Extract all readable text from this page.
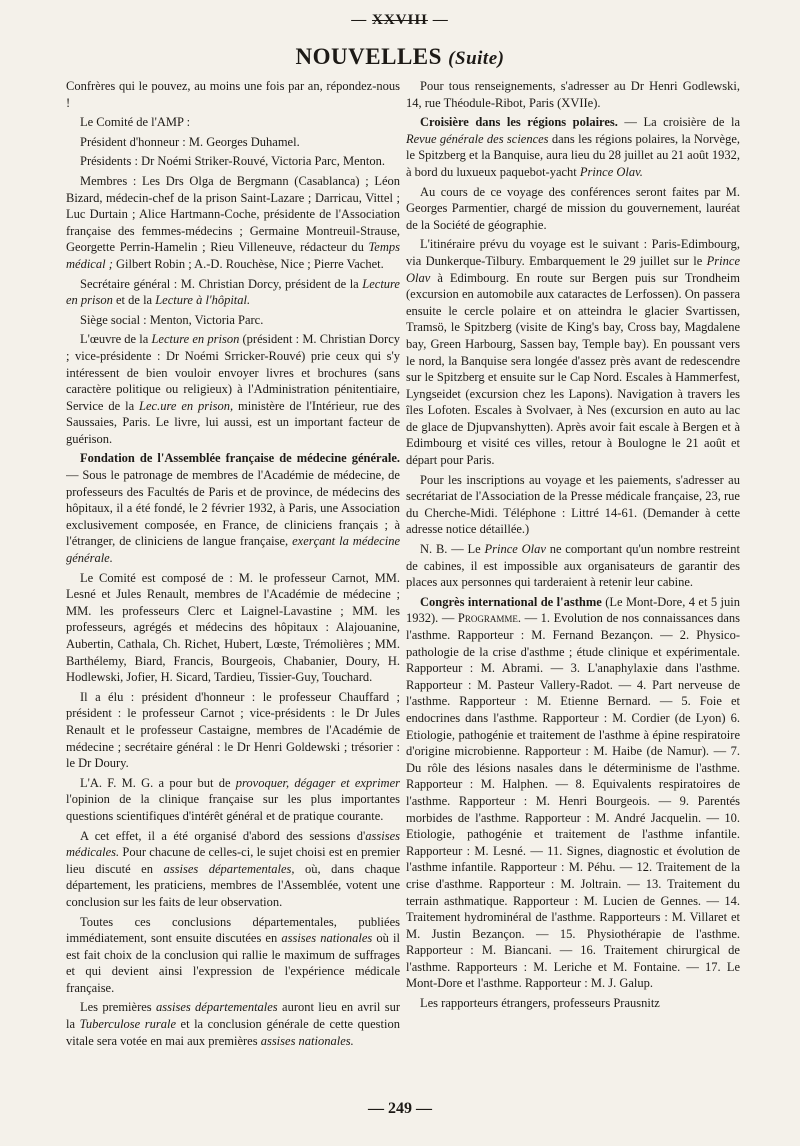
— XXVIII —
NOUVELLES (Suite)

Confrères qui le pouvez, au moins une fois par an, répondez-nous !

Le Comité de l'AMP :

Président d'honneur : M. Georges Duhamel.

Présidents : Dr Noémi Striker-Rouvé, Victoria Parc, Menton.

Membres : Les Drs Olga de Bergmann (Casablanca) ; Léon Bizard, médecin-chef de la prison Saint-Lazare ; Darricau, Vittel ; Luc Durtain ; Alice Hartmann-Coche, présidente de l'Association française des femmes-médecins ; Germaine Montreuil-Strause, Georgette Perrin-Hamelin ; Rieu Villeneuve, rédacteur du Temps médical ; Gilbert Robin ; A.-D. Rouchèse, Nice ; Pierre Vachet.

Secrétaire général : M. Christian Dorcy, président de la Lecture en prison et de la Lecture à l'hôpital.

Siège social : Menton, Victoria Parc.

L'œuvre de la Lecture en prison (président : M. Christian Dorcy ; vice-présidente : Dr Noémi Srricker-Rouvé) prie ceux qui s'y intéressent de bien vouloir envoyer livres et brochures (sans caractère politique ou religieux) à l'Administration pénitentiaire, Service de la Lec.ure en prison, ministère de l'Intérieur, rue des Saussaies, Paris. Le livre, lui aussi, est un important facteur de guérison.

Fondation de l'Assemblée française de médecine générale. — Sous le patronage de membres de l'Académie de médecine, de professeurs des Facultés de Paris et de province, de médecins des hôpitaux, il a été fondé, le 2 février 1932, à Paris, une Association exclusivement composée, en France, de cliniciens français ; à l'étranger, de cliniciens de langue française, exerçant la médecine générale.

Le Comité est composé de : M. le professeur Carnot, MM. Lesné et Jules Renault, membres de l'Académie de médecine ; MM. les professeurs Clerc et Laignel-Lavastine ; MM. les professeurs, agrégés et médecins des hôpitaux : Alajouanine, Aubertin, Cathala, Ch. Richet, Hubert, Lœste, Trémolières ; MM. Barthélemy, Biard, Francis, Bourgeois, Chabanier, Doury, H. Hodlewski, Jofier, H. Sicard, Tardieu, Tissier-Guy, Touchard.

Il a élu : président d'honneur : le professeur Chauffard ; président : le professeur Carnot ; vice-présidents : le Dr Jules Renault et le professeur Castaigne, membres de l'Académie de médecine ; secrétaire général : le Dr Henri Goldewski ; trésorier : le Dr Doury.

L'A. F. M. G. a pour but de provoquer, dégager et exprimer l'opinion de la clinique française sur les plus importantes questions scientifiques d'intérêt général et de pratique courante.

A cet effet, il a été organisé d'abord des sessions d'assises médicales. Pour chacune de celles-ci, le sujet choisi est en premier lieu discuté en assises départementales, où, dans chaque département, les praticiens, membres de l'Assemblée, votent une conclusion sur les faits de leur observation.

Toutes ces conclusions départementales, publiées immédiatement, sont ensuite discutées en assises nationales où il est fait choix de la conclusion qui rallie le maximum de suffrages et qui devient ainsi l'expression de l'expérience médicale française.

Les premières assises départementales auront lieu en avril sur la Tuberculose rurale et la conclusion générale de cette question vitale sera votée en mai aux premières assises nationales.

Pour tous renseignements, s'adresser au Dr Henri Godlewski, 14, rue Théodule-Ribot, Paris (XVIIe).

Croisière dans les régions polaires. — La croisière de la Revue générale des sciences dans les régions polaires, la Norvège, le Spitzberg et la Banquise, aura lieu du 28 juillet au 21 août 1932, à bord du luxueux paquebot-yacht Prince Olav.

Au cours de ce voyage des conférences seront faites par M. Georges Parmentier, chargé de mission du gouvernement, lauréat de la Société de géographie.

L'itinéraire prévu du voyage est le suivant : Paris-Edimbourg, via Dunkerque-Tilbury. Embarquement le 29 juillet sur le Prince Olav à Edimbourg. En route sur Bergen puis sur Trondheim (excursion en automobile aux cataractes de Lerfossen). On passera ensuite le cercle polaire et on atteindra le glacier Svartissen, Tramsö, le Spitzberg (visite de King's bay, Cross bay, Magdalene bay, Green Harbourg, Sassen bay, Temple bay). En poussant vers le nord, la Banquise sera longée d'assez près avant de redescendre sur le Spitzberg et ensuite sur le Cap Nord. Escales à Hammerfest, Lyngseidet (excursion chez les Lapons). Navigation à travers les îles Lofoten. Escales à Svolvaer, à Nes (excursion en auto au lac de glace de Djupvanshytten). Après avoir fait escale à Bergen et à Edimbourg et visité ces villes, retour à Boulogne le 21 août et départ pour Paris.

Pour les inscriptions au voyage et les paiements, s'adresser au secrétariat de l'Association de la Presse médicale française, 23, rue du Cherche-Midi. Téléphone : Littré 14-61. (Demander à cette adresse notice détaillée.)

N. B. — Le Prince Olav ne comportant qu'un nombre restreint de cabines, il est impossible aux organisateurs de garantir des places aux personnes qui tarderaient à retenir leur cabine.

Congrès international de l'asthme (Le Mont-Dore, 4 et 5 juin 1932). — Programme. — 1. Evolution de nos connaissances dans l'asthme. Rapporteur : M. Fernand Bezançon. — 2. Physico-pathologie de la crise d'asthme ; étude clinique et expérimentale. Rapporteur : M. Abrami. — 3. L'anaphylaxie dans l'asthme. Rapporteur : M. Pasteur Vallery-Radot. — 4. Part nerveuse de l'asthme. Rapporteur : M. Etienne Bernard. — 5. Foie et endocrines dans l'asthme. Rapporteur : M. Cordier (de Lyon) 6. Etiologie, pathogénie et traitement de l'asthme à épine respiratoire d'origine microbienne. Rapporteur : M. Haibe (de Namur). — 7. Du rôle des lésions nasales dans le déterminisme de l'asthme. Rapporteur : M. Halphen. — 8. Equivalents respiratoires de l'asthme. Rapporteur : M. Henri Bourgeois. — 9. Parentés morbides de l'asthme. Rapporteur : M. André Jacquelin. — 10. Etiologie, pathogénie et traitement de l'asthme infantile. Rapporteur : M. Lesné. — 11. Signes, diagnostic et évolution de l'asthme infantile. Rapporteur : M. Péhu. — 12. Traitement de la crise d'asthme. Rapporteur : M. Joltrain. — 13. Traitement du terrain asthmatique. Rapporteur : M. Lucien de Gennes. — 14. Traitement hydrominéral de l'asthme. Rapporteurs : M. Villaret et M. Justin Bezançon. — 15. Physiothérapie de l'asthme. Rapporteur : M. Biancani. — 16. Traitement chirurgical de l'asthme. Rapporteurs : M. Leriche et M. Fontaine. — 17. Le Mont-Dore et l'asthme. Rapporteur : M. J. Galup.

Les rapporteurs étrangers, professeurs Prausnitz

— 249 —
